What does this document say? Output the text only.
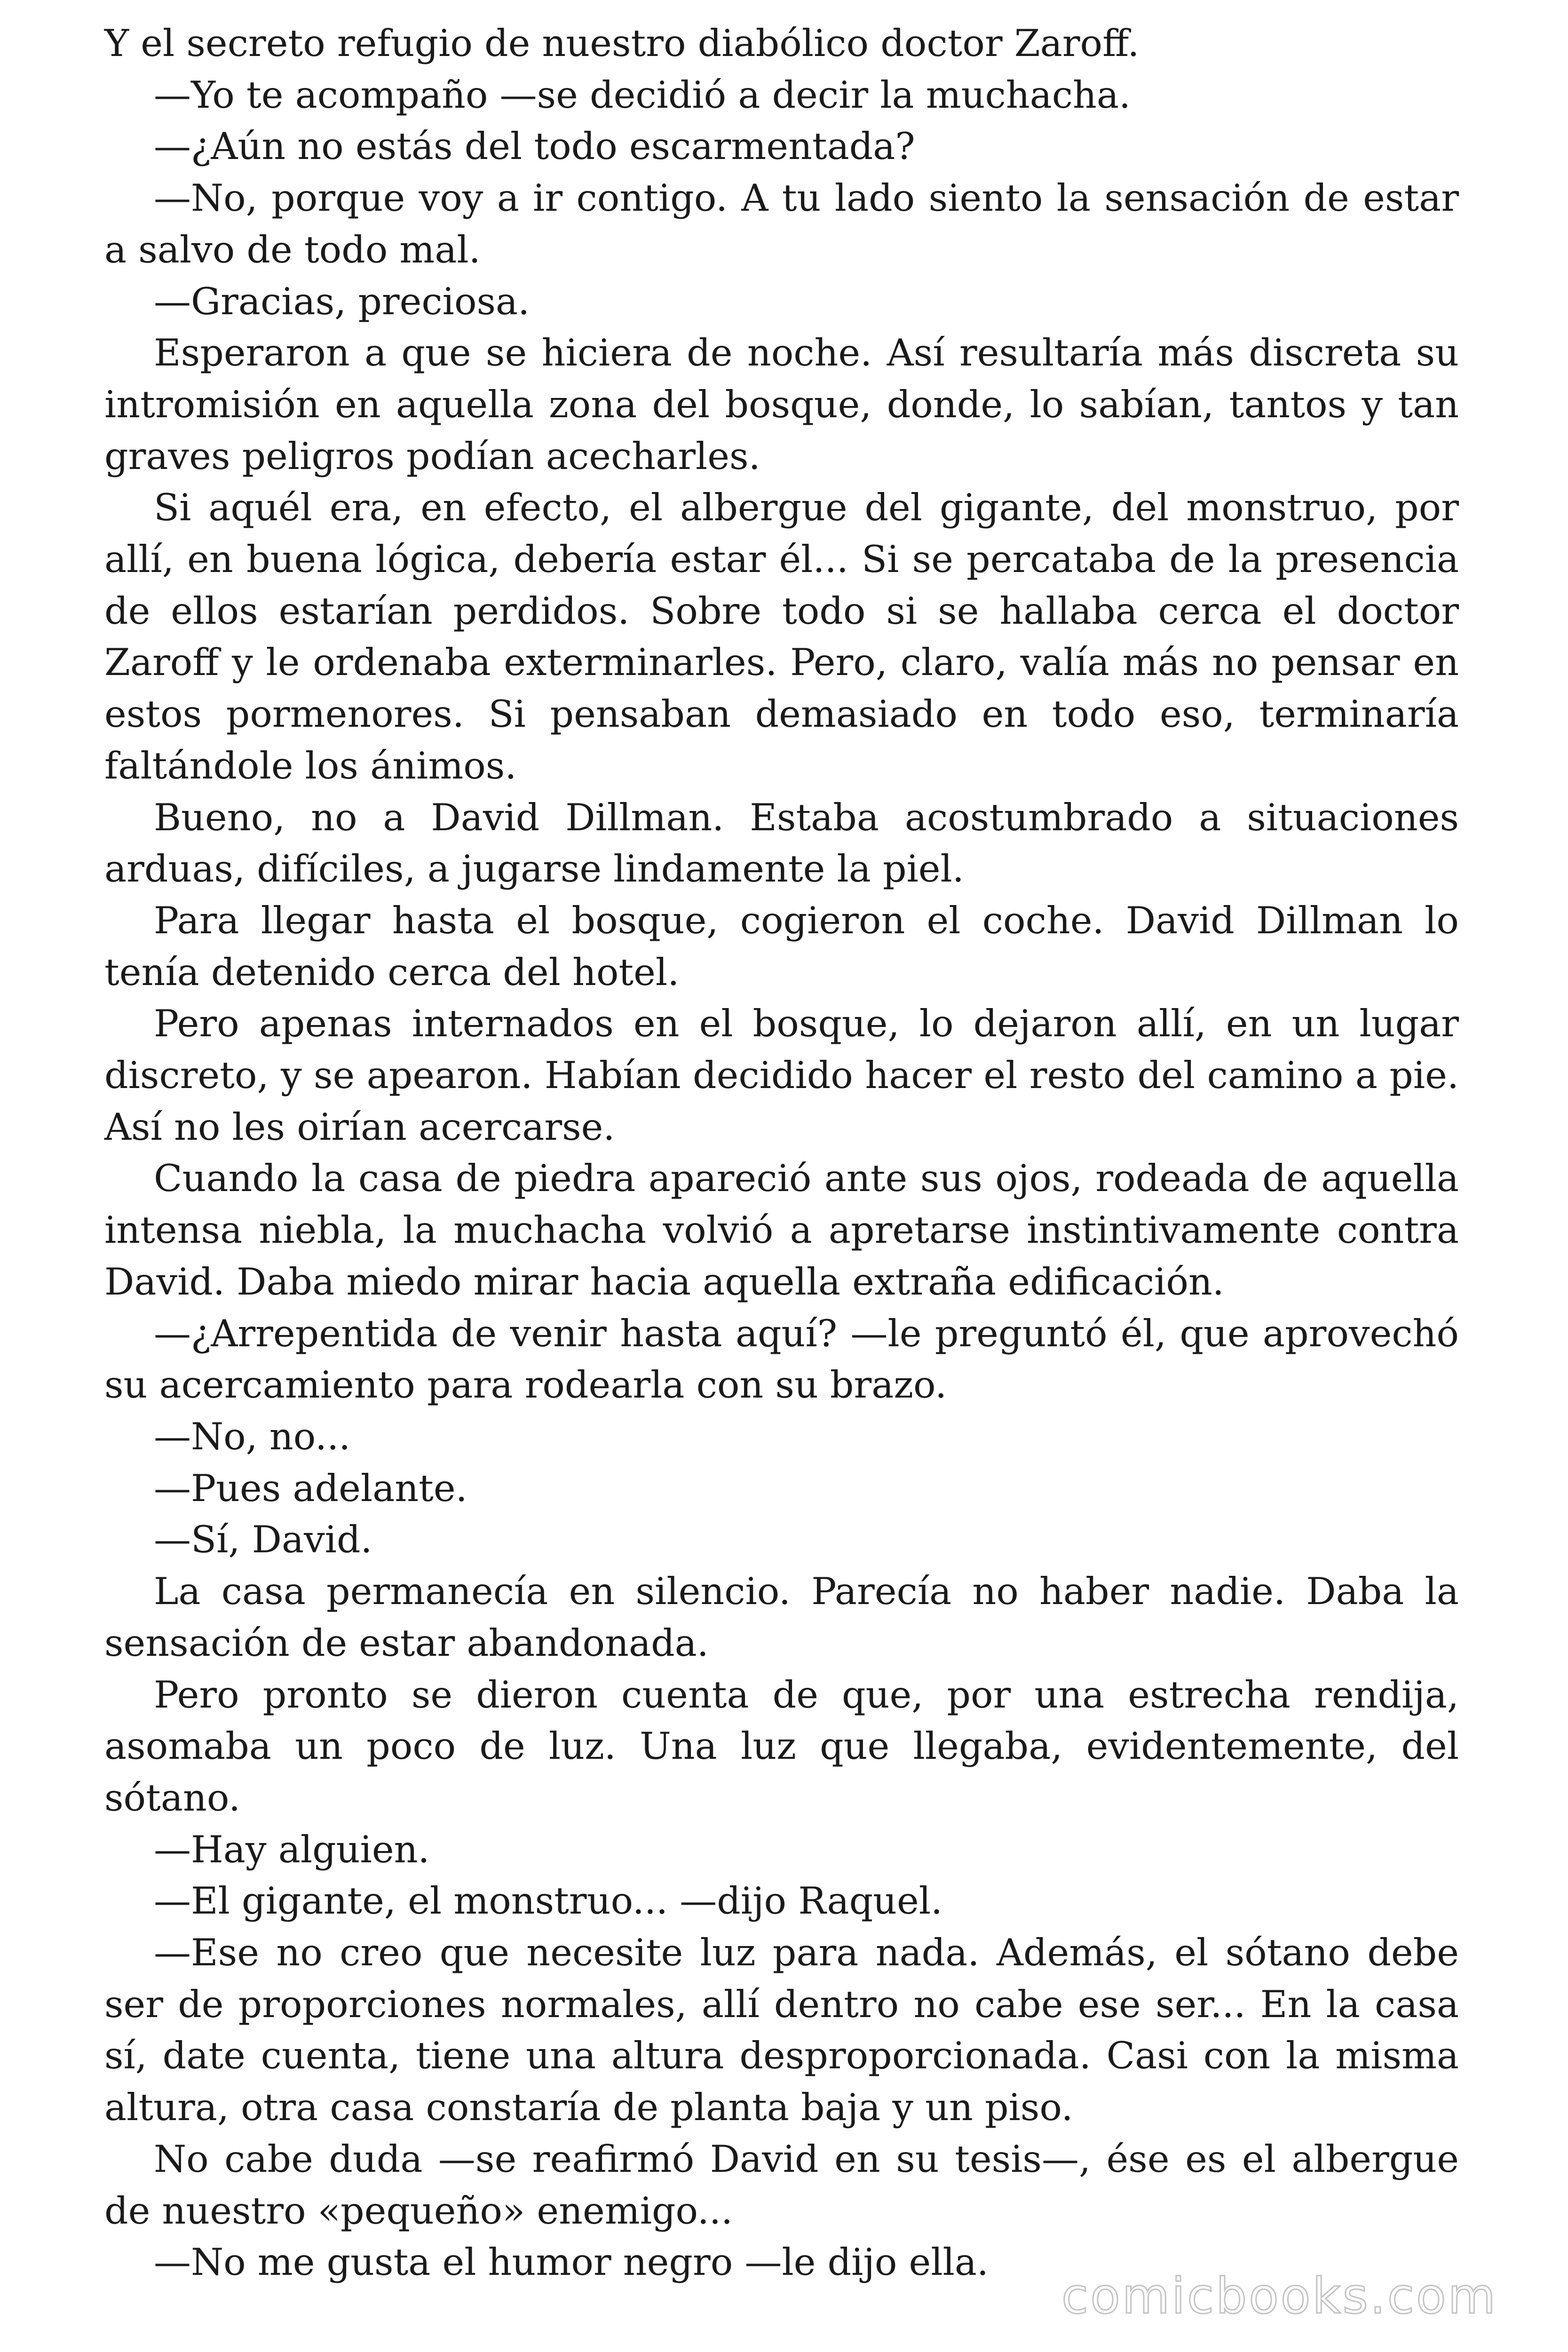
Y el secreto refugio de nuestro diabólico doctor Zaroff.

—Yo te acompaño —se decidió a decir la muchacha.

—¿Aún no estás del todo escarmentada?

—No, porque voy a ir contigo. A tu lado siento la sensación de estar a salvo de todo mal.

—Gracias, preciosa.

Esperaron a que se hiciera de noche. Así resultaría más discreta su intromisión en aquella zona del bosque, donde, lo sabían, tantos y tan graves peligros podían acecharles.

Si aquél era, en efecto, el albergue del gigante, del monstruo, por allí, en buena lógica, debería estar él... Si se percataba de la presencia de ellos estarían perdidos. Sobre todo si se hallaba cerca el doctor Zaroff y le ordenaba exterminarles. Pero, claro, valía más no pensar en estos pormenores. Si pensaban demasiado en todo eso, terminaría faltándole los ánimos.

Bueno, no a David Dillman. Estaba acostumbrado a situaciones arduas, difíciles, a jugarse lindamente la piel.

Para llegar hasta el bosque, cogieron el coche. David Dillman lo tenía detenido cerca del hotel.

Pero apenas internados en el bosque, lo dejaron allí, en un lugar discreto, y se apearon. Habían decidido hacer el resto del camino a pie. Así no les oirían acercarse.

Cuando la casa de piedra apareció ante sus ojos, rodeada de aquella intensa niebla, la muchacha volvió a apretarse instintivamente contra David. Daba miedo mirar hacia aquella extraña edificación.

—¿Arrepentida de venir hasta aquí? —le preguntó él, que aprovechó su acercamiento para rodearla con su brazo.

—No, no...

—Pues adelante.

—Sí, David.

La casa permanecía en silencio. Parecía no haber nadie. Daba la sensación de estar abandonada.

Pero pronto se dieron cuenta de que, por una estrecha rendija, asomaba un poco de luz. Una luz que llegaba, evidentemente, del sótano.

—Hay alguien.

—El gigante, el monstruo... —dijo Raquel.

—Ese no creo que necesite luz para nada. Además, el sótano debe ser de proporciones normales, allí dentro no cabe ese ser... En la casa sí, date cuenta, tiene una altura desproporcionada. Casi con la misma altura, otra casa constaría de planta baja y un piso.

No cabe duda —se reafirmó David en su tesis—, ése es el albergue de nuestro «pequeño» enemigo...

—No me gusta el humor negro —le dijo ella.

comicbooks.com
